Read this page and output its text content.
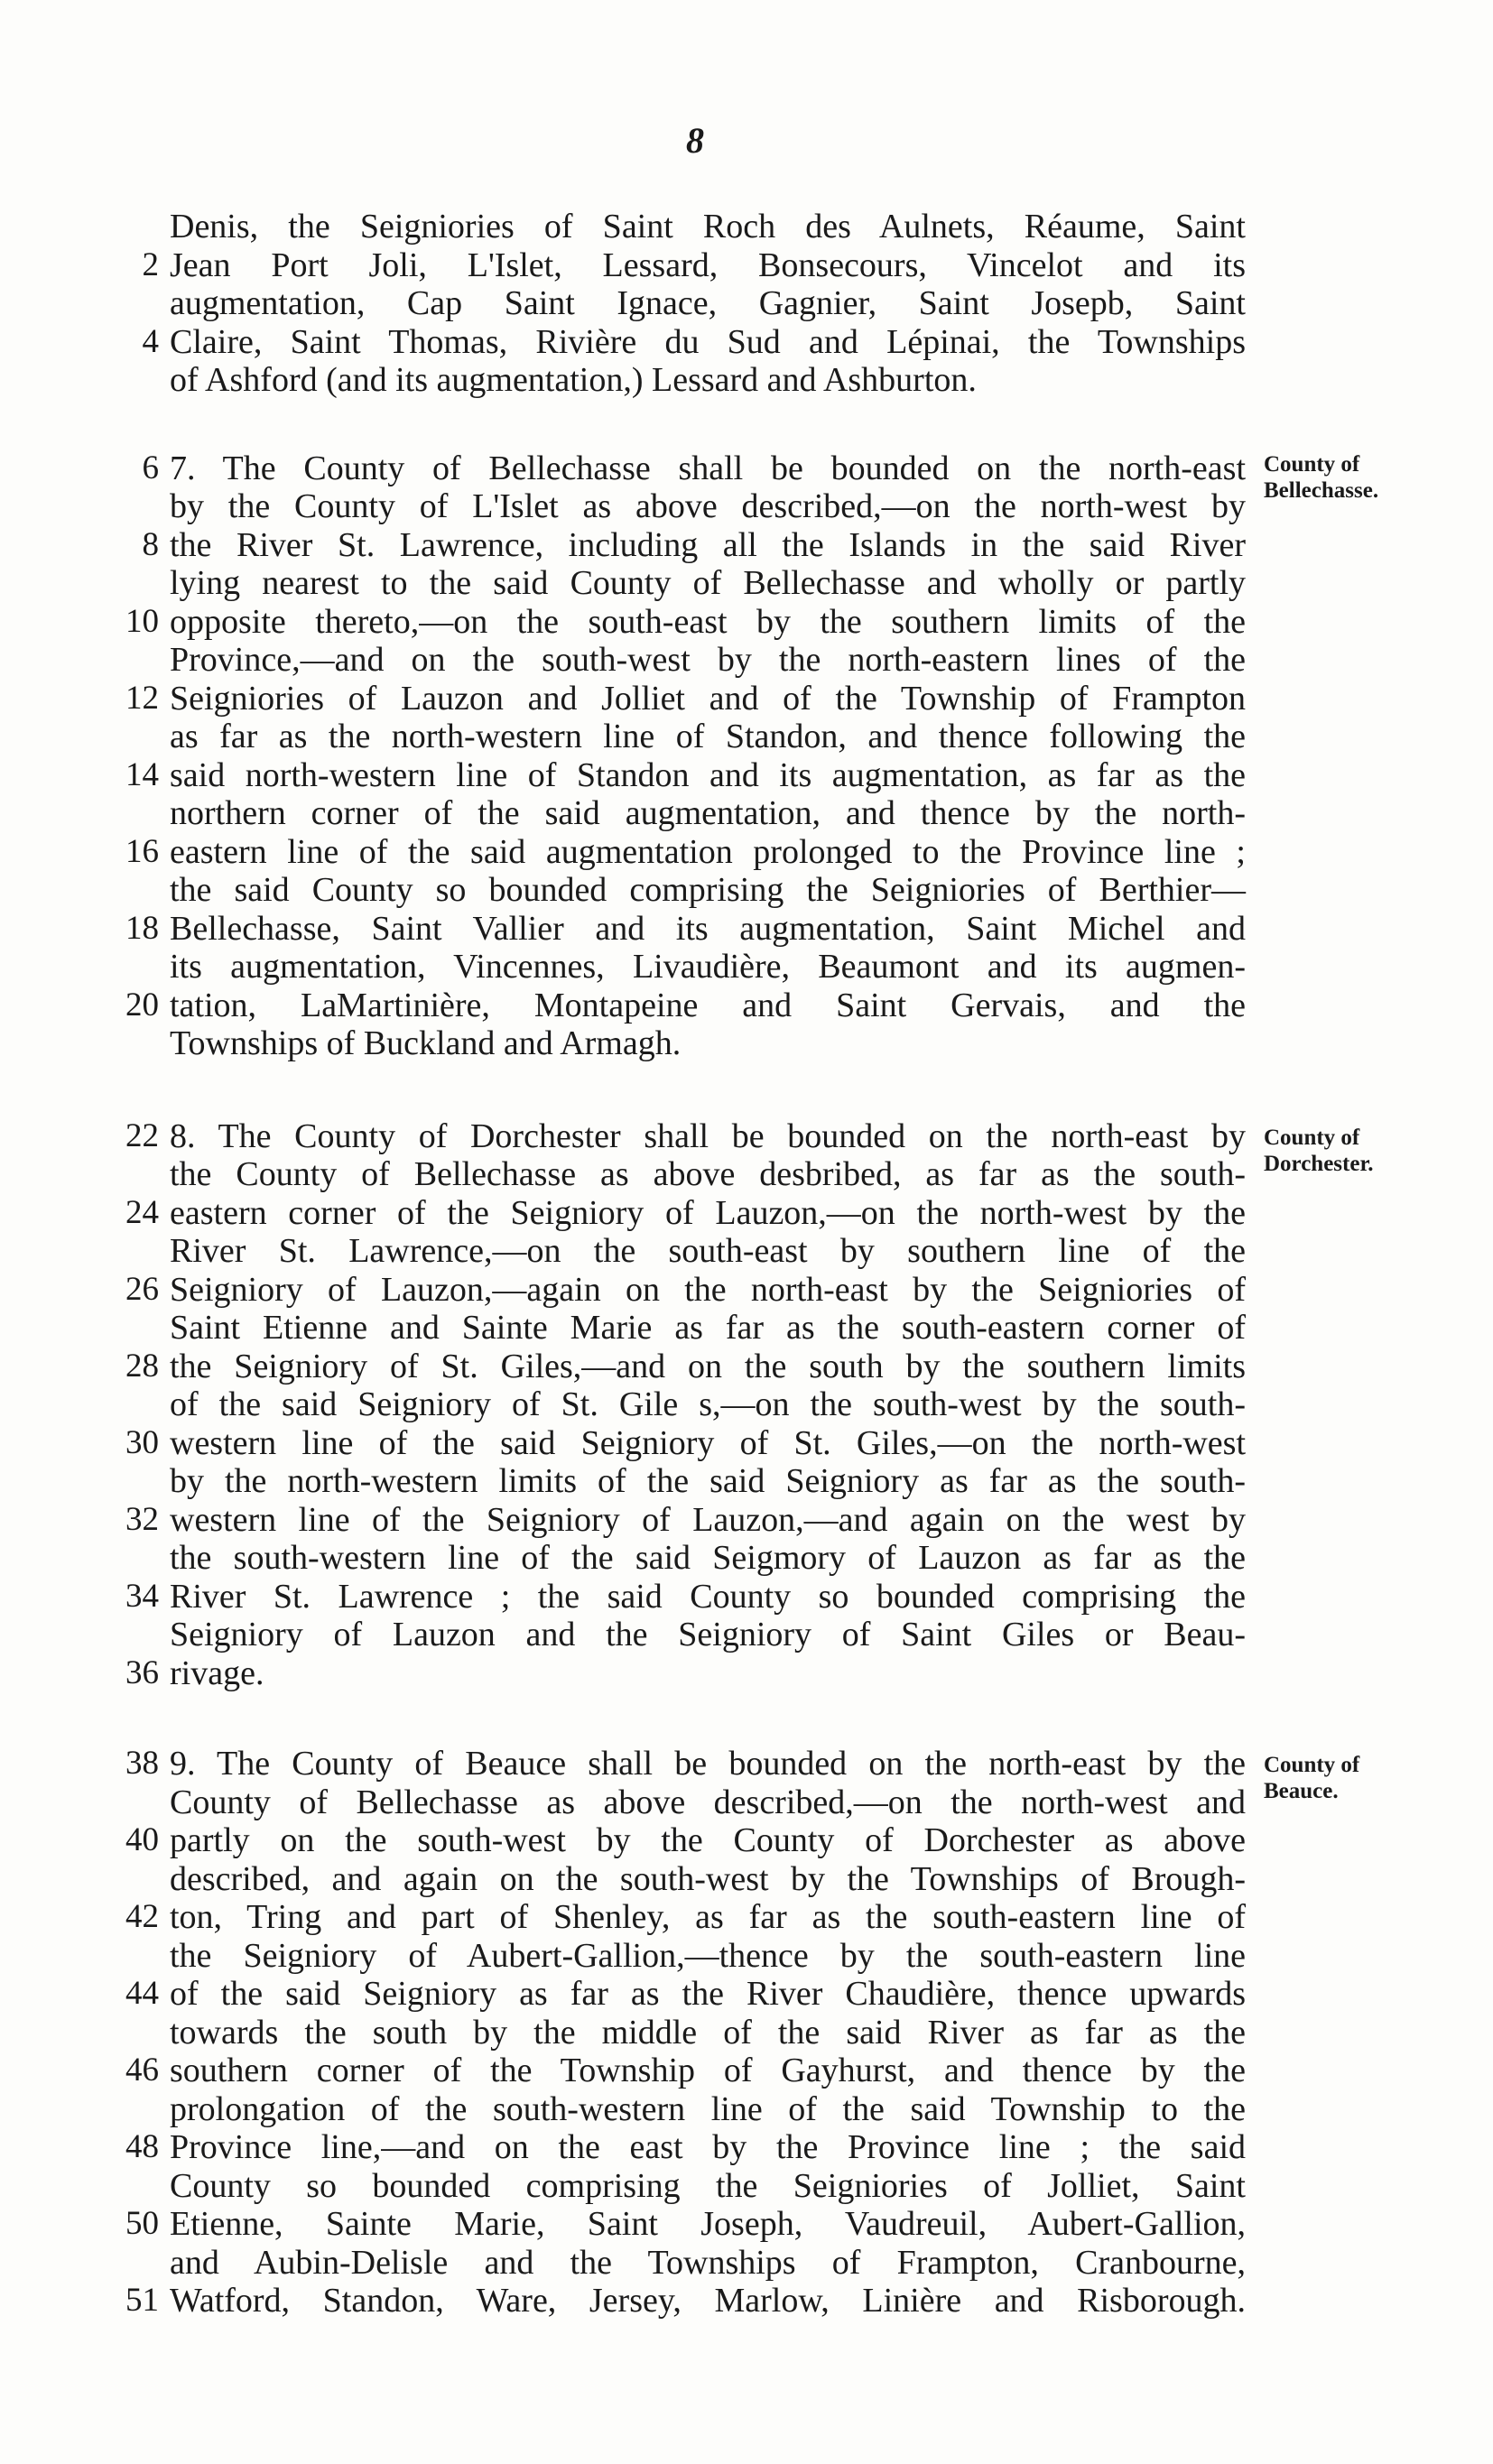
8
Denis, the Seigniories of Saint Roch des Aulnets, Réaume, Saint
2 Jean Port Joli, L'Islet, Lessard, Bonsecours, Vincelot and its
augmentation, Cap Saint Ignace, Gagnier, Saint Josepb, Saint
4 Claire, Saint Thomas, Rivière du Sud and Lépinai, the Townships
of Ashford (and its augmentation,) Lessard and Ashburton.
County of
Bellechasse.
6 7. The County of Bellechasse shall be bounded on the north-east
by the County of L'Islet as above described,—on the north-west by
8 the River St. Lawrence, including all the Islands in the said River
lying nearest to the said County of Bellechasse and wholly or partly
10 opposite thereto,—on the south-east by the southern limits of the
Province,—and on the south-west by the north-eastern lines of the
12 Seigniories of Lauzon and Jolliet and of the Township of Frampton
as far as the north-western line of Standon, and thence following the
14 said north-western line of Standon and its augmentation, as far as the
northern corner of the said augmentation, and thence by the north-
16 eastern line of the said augmentation prolonged to the Province line ;
the said County so bounded comprising the Seigniories of Berthier—
18 Bellechasse, Saint Vallier and its augmentation, Saint Michel and
its augmentation, Vincennes, Livaudière, Beaumont and its augmen-
20 tation, LaMartinière, Montapeine and Saint Gervais, and the
Townships of Buckland and Armagh.
County of
Dorchester.
22 8. The County of Dorchester shall be bounded on the north-east by
the County of Bellechasse as above desbribed, as far as the south-
24 eastern corner of the Seigniory of Lauzon,—on the north-west by the
River St. Lawrence,—on the south-east by southern line of the
26 Seigniory of Lauzon,—again on the north-east by the Seigniories of
Saint Etienne and Sainte Marie as far as the south-eastern corner of
28 the Seigniory of St. Giles,—and on the south by the southern limits
of the said Seigniory of St. Gile s,—on the south-west by the south-
30 western line of the said Seigniory of St. Giles,—on the north-west
by the north-western limits of the said Seigniory as far as the south-
32 western line of the Seigniory of Lauzon,—and again on the west by
the south-western line of the said Seigmory of Lauzon as far as the
34 River St. Lawrence ; the said County so bounded comprising the
Seigniory of Lauzon and the Seigniory of Saint Giles or Beau-
36 rivage.
County of
Beauce.
38 9. The County of Beauce shall be bounded on the north-east by the
County of Bellechasse as above described,—on the north-west and
40 partly on the south-west by the County of Dorchester as above
described, and again on the south-west by the Townships of Brough-
42 ton, Tring and part of Shenley, as far as the south-eastern line of
the Seigniory of Aubert-Gallion,—thence by the south-eastern line
44 of the said Seigniory as far as the River Chaudière, thence upwards
towards the south by the middle of the said River as far as the
46 southern corner of the Township of Gayhurst, and thence by the
prolongation of the south-western line of the said Township to the
48 Province line,—and on the east by the Province line ; the said
County so bounded comprising the Seigniories of Jolliet, Saint
50 Etienne, Sainte Marie, Saint Joseph, Vaudreuil, Aubert-Gallion,
and Aubin-Delisle and the Townships of Frampton, Cranbourne,
51 Watford, Standon, Ware, Jersey, Marlow, Linière and Risborough.
